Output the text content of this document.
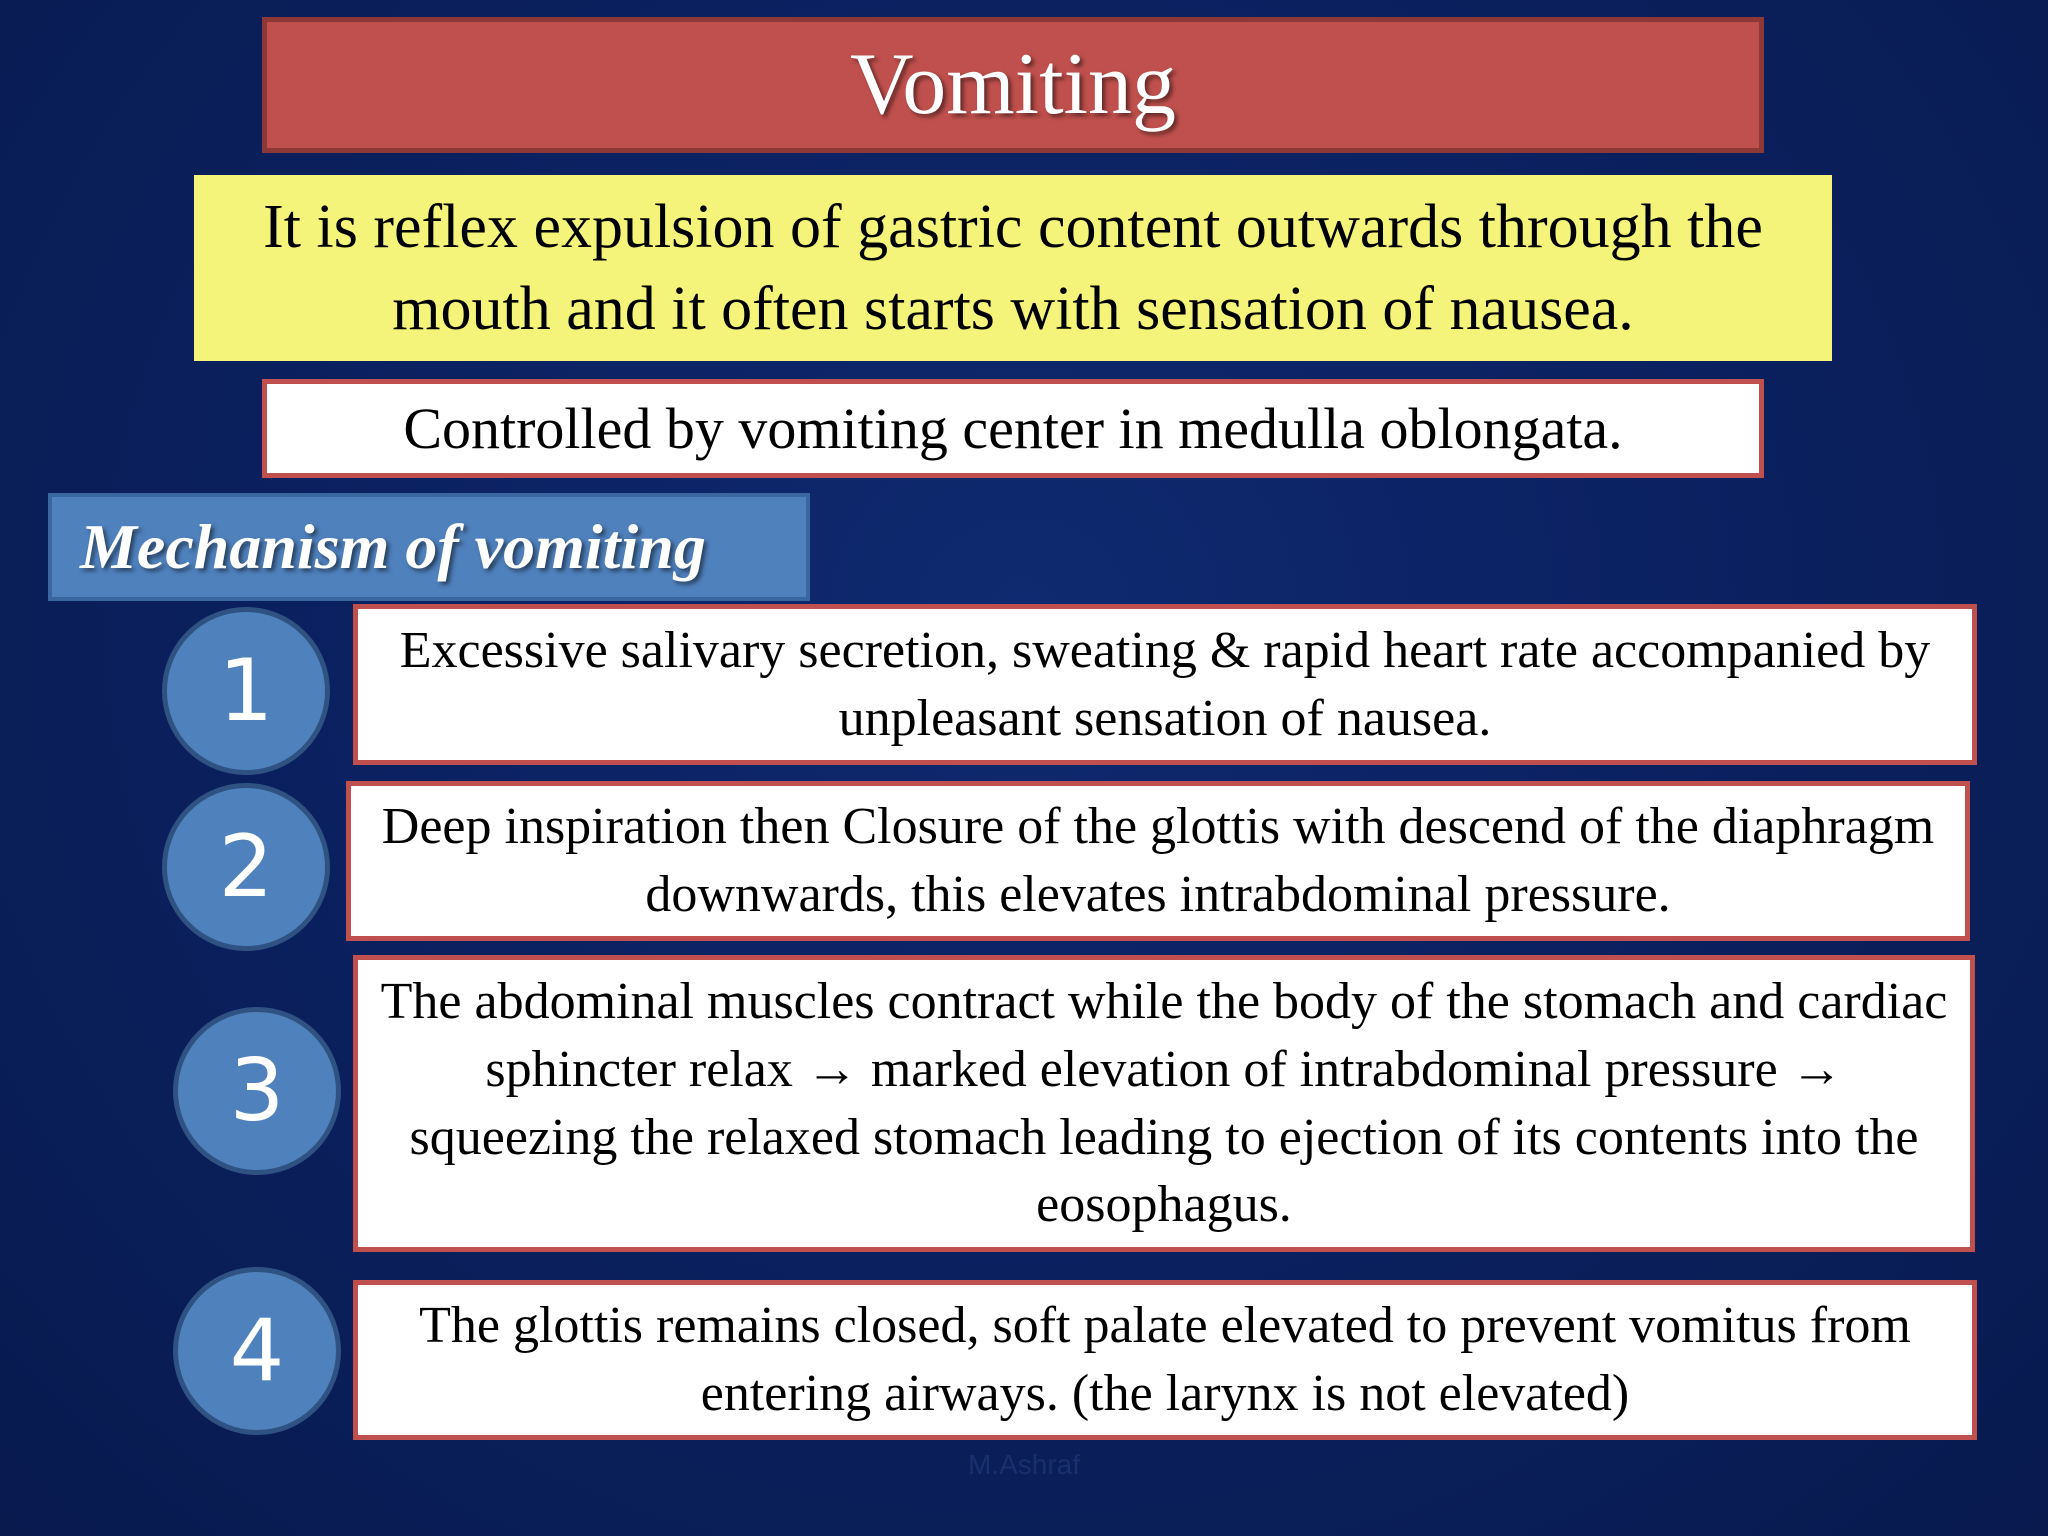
Vomiting
It is reflex expulsion of gastric content outwards through the mouth and it often starts with sensation of nausea.
Controlled by vomiting center in medulla oblongata.
Mechanism of vomiting
1	Excessive salivary secretion, sweating & rapid heart rate accompanied by unpleasant sensation of nausea.
2 Deep inspiration then Closure of the glottis with descend of the diaphragm downwards, this elevates intrabdominal pressure.
3
The abdominal muscles contract while the body of the stomach and cardiac sphincter relax → marked elevation of intrabdominal pressure → squeezing the relaxed stomach leading to ejection of its contents into the eosophagus.
4	The glottis remains closed, soft palate elevated to prevent vomitus from entering airways. (the larynx is not elevated)
M.Ashraf
